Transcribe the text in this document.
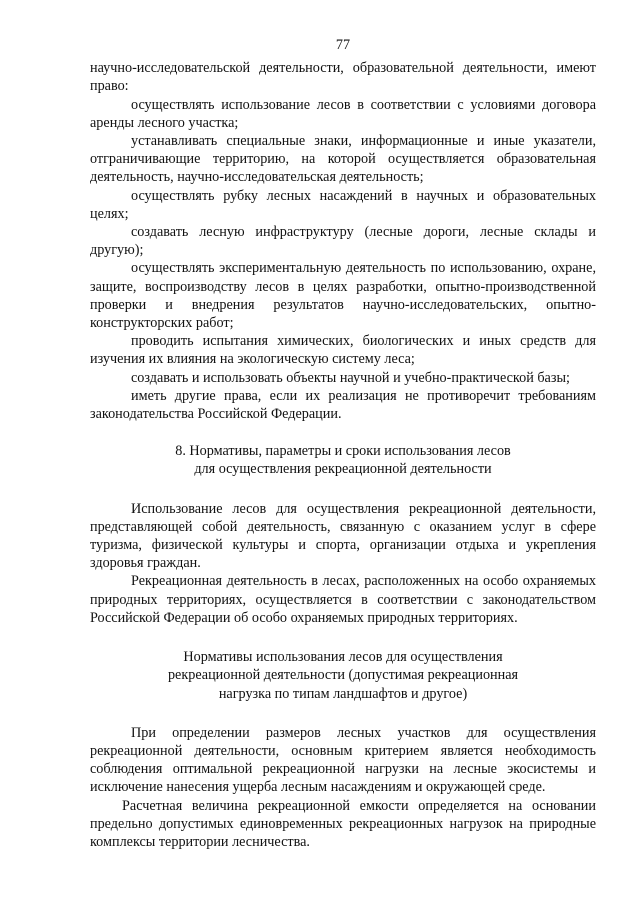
77

научно-исследовательской деятельности, образовательной деятельности, имеют право:

осуществлять использование лесов в соответствии с условиями договора аренды лесного участка;

устанавливать специальные знаки, информационные и иные указатели, отграничивающие территорию, на которой осуществляется образовательная деятельность, научно-исследовательская деятельность;

осуществлять рубку лесных насаждений в научных и образовательных целях;

создавать лесную инфраструктуру (лесные дороги, лесные склады и другую);

осуществлять экспериментальную деятельность по использованию, охране, защите, воспроизводству лесов в целях разработки, опытно-производственной проверки и внедрения результатов научно-исследовательских, опытно-конструкторских работ;

проводить испытания химических, биологических и иных средств для изучения их влияния на экологическую систему леса;

создавать и использовать объекты научной и учебно-практической базы;

иметь другие права, если их реализация не противоречит требованиям законодательства Российской Федерации.

8. Нормативы, параметры и сроки использования лесов
для осуществления рекреационной деятельности

Использование лесов для осуществления рекреационной деятельности, представляющей собой деятельность, связанную с оказанием услуг в сфере туризма, физической культуры и спорта, организации отдыха и укрепления здоровья граждан.

Рекреационная деятельность в лесах, расположенных на особо охраняемых природных территориях, осуществляется в соответствии с законодательством Российской Федерации об особо охраняемых природных территориях.

Нормативы использования лесов для осуществления
рекреационной деятельности (допустимая рекреационная
нагрузка по типам ландшафтов и другое)

При определении размеров лесных участков для осуществления рекреационной деятельности, основным критерием является необходимость соблюдения оптимальной рекреационной нагрузки на лесные экосистемы и исключение нанесения ущерба лесным насаждениям и окружающей среде.

Расчетная величина рекреационной емкости определяется на основании предельно допустимых единовременных рекреационных нагрузок на природные комплексы территории лесничества.
